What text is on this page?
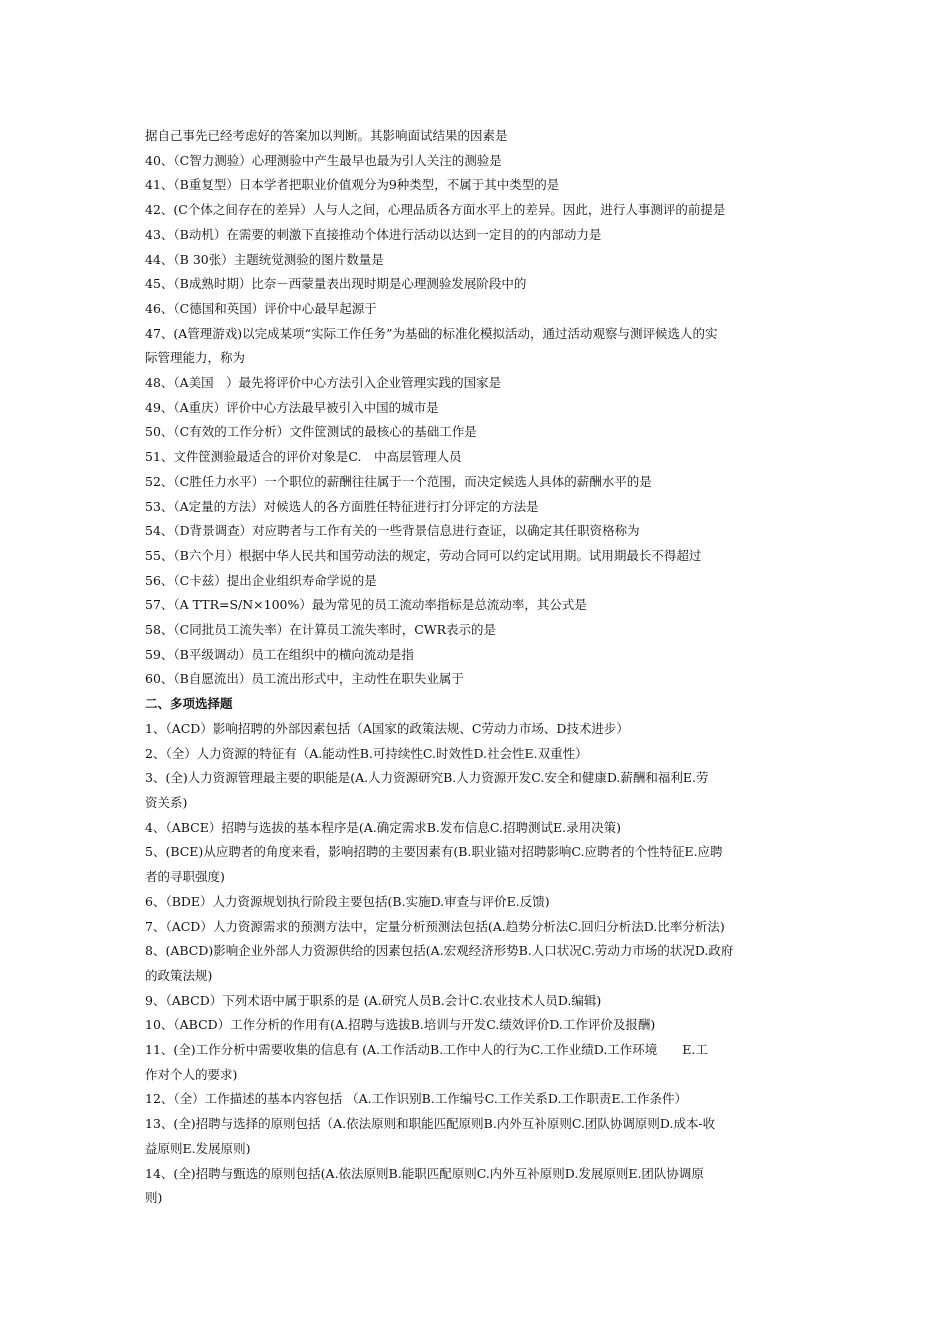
据自己事先已经考虑好的答案加以判断。其影响面试结果的因素是
40、（C智力测验）心理测验中产生最早也最为引人关注的测验是
41、（B重复型）日本学者把职业价值观分为9种类型，不属于其中类型的是
42、(C个体之间存在的差异）人与人之间，心理品质各方面水平上的差异。因此，进行人事测评的前提是
43、（B动机）在需要的刺激下直接推动个体进行活动以达到一定目的的内部动力是
44、（B 30张）主题统觉测验的图片数量是
45、（B成熟时期）比奈－西蒙量表出现时期是心理测验发展阶段中的
46、（C德国和英国）评价中心最早起源于
47、(A管理游戏)以完成某项“实际工作任务”为基础的标准化模拟活动，通过活动观察与测评候选人的实
际管理能力，称为
48、（A美国　）最先将评价中心方法引入企业管理实践的国家是
49、（A重庆）评价中心方法最早被引入中国的城市是
50、（C有效的工作分析）文件筐测试的最核心的基础工作是
51、文件筐测验最适合的评价对象是C.　中高层管理人员
52、（C胜任力水平）一个职位的薪酬往往属于一个范围，而决定候选人具体的薪酬水平的是
53、（A定量的方法）对候选人的各方面胜任特征进行打分评定的方法是
54、（D背景调查）对应聘者与工作有关的一些背景信息进行查证，以确定其任职资格称为
55、（B六个月）根据中华人民共和国劳动法的规定，劳动合同可以约定试用期。试用期最长不得超过
56、（C卡兹）提出企业组织寿命学说的是
57、（A TTR=S/N×100%）最为常见的员工流动率指标是总流动率，其公式是
58、（C同批员工流失率）在计算员工流失率时，CWR表示的是
59、（B平级调动）员工在组织中的横向流动是指
60、（B自愿流出）员工流出形式中，主动性在职失业属于
二、多项选择题
1、（ACD）影响招聘的外部因素包括（A国家的政策法规、C劳动力市场、D技术进步）
2、（全）人力资源的特征有（A.能动性B.可持续性C.时效性D.社会性E.双重性）
3、(全)人力资源管理最主要的职能是(A.人力资源研究B.人力资源开发C.安全和健康D.薪酬和福利E.劳
资关系)
4、（ABCE）招聘与选拔的基本程序是(A.确定需求B.发布信息C.招聘测试E.录用决策)
5、(BCE)从应聘者的角度来看，影响招聘的主要因素有(B.职业锚对招聘影响C.应聘者的个性特征E.应聘
者的寻职强度)
6、（BDE）人力资源规划执行阶段主要包括(B.实施D.审查与评价E.反馈)
7、（ACD）人力资源需求的预测方法中，定量分析预测法包括(A.趋势分析法C.回归分析法D.比率分析法)
8、(ABCD)影响企业外部人力资源供给的因素包括(A.宏观经济形势B.人口状况C.劳动力市场的状况D.政府
的政策法规)
9、（ABCD）下列术语中属于职系的是 (A.研究人员B.会计C.农业技术人员D.编辑)
10、（ABCD）工作分析的作用有(A.招聘与选拔B.培训与开发C.绩效评价D.工作评价及报酬)
11、(全)工作分析中需要收集的信息有 (A.工作活动B.工作中人的行为C.工作业绩D.工作环境　　E.工
作对个人的要求)
12、（全）工作描述的基本内容包括 （A.工作识别B.工作编号C.工作关系D.工作职责E.工作条件）
13、(全)招聘与选择的原则包括（A.依法原则和职能匹配原则B.内外互补原则C.团队协调原则D.成本-收
益原则E.发展原则)
14、(全)招聘与甄选的原则包括(A.依法原则B.能职匹配原则C.内外互补原则D.发展原则E.团队协调原
则)
